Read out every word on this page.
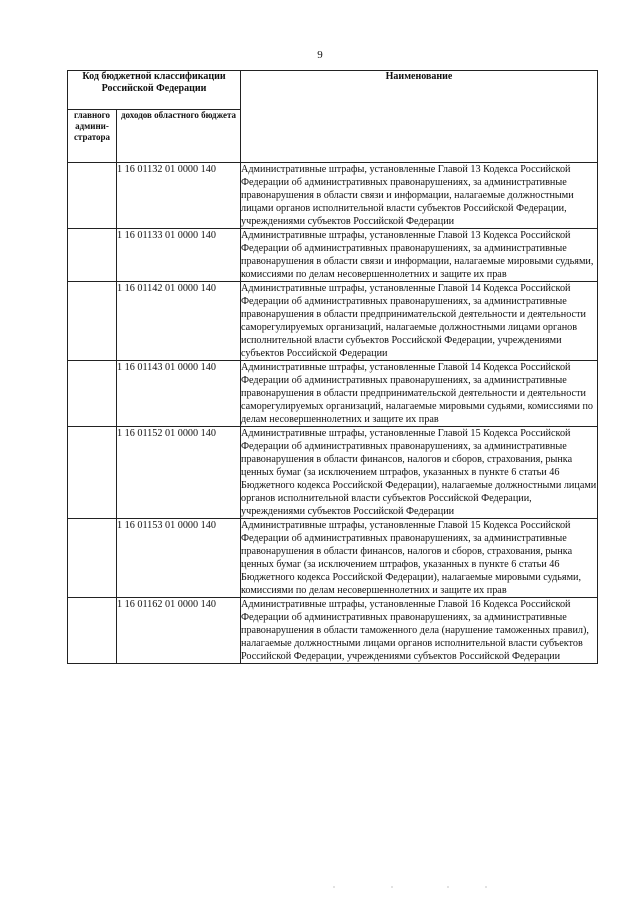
9
Код бюджетной классификации Российской Федерации		Наименование
главного админи-стратора	доходов областного бюджета	
	1 16 01132 01 0000 140	Административные штрафы, установленные Главой 13 Кодекса Российской Федерации об административных правонарушениях, за административные правонарушения в области связи и информации, налагаемые должностными лицами органов исполнительной власти субъектов Российской Федерации, учреждениями субъектов Российской Федерации
	1 16 01133 01 0000 140	Административные штрафы, установленные Главой 13 Кодекса Российской Федерации об административных правонарушениях, за административные правонарушения в области связи и информации, налагаемые мировыми судьями, комиссиями по делам несовершеннолетних и защите их прав
	1 16 01142 01 0000 140	Административные штрафы, установленные Главой 14 Кодекса Российской Федерации об административных правонарушениях, за административные правонарушения в области предпринимательской деятельности и деятельности саморегулируемых организаций, налагаемые должностными лицами органов исполнительной власти субъектов Российской Федерации, учреждениями субъектов Российской Федерации
	1 16 01143 01 0000 140	Административные штрафы, установленные Главой 14 Кодекса Российской Федерации об административных правонарушениях, за административные правонарушения в области предпринимательской деятельности и деятельности саморегулируемых организаций, налагаемые мировыми судьями, комиссиями по делам несовершеннолетних и защите их прав
	1 16 01152 01 0000 140	Административные штрафы, установленные Главой 15 Кодекса Российской Федерации об административных правонарушениях, за административные правонарушения в области финансов, налогов и сборов, страхования, рынка ценных бумаг (за исключением штрафов, указанных в пункте 6 статьи 46 Бюджетного кодекса Российской Федерации), налагаемые должностными лицами органов исполнительной власти субъектов Российской Федерации, учреждениями субъектов Российской Федерации
	1 16 01153 01 0000 140	Административные штрафы, установленные Главой 15 Кодекса Российской Федерации об административных правонарушениях, за административные правонарушения в области финансов, налогов и сборов, страхования, рынка ценных бумаг (за исключением штрафов, указанных в пункте 6 статьи 46 Бюджетного кодекса Российской Федерации), налагаемые мировыми судьями, комиссиями по делам несовершеннолетних и защите их прав
	1 16 01162 01 0000 140	Административные штрафы, установленные Главой 16 Кодекса Российской Федерации об административных правонарушениях, за административные правонарушения в области таможенного дела (нарушение таможенных правил), налагаемые должностными лицами органов исполнительной власти субъектов Российской Федерации, учреждениями субъектов Российской Федерации
